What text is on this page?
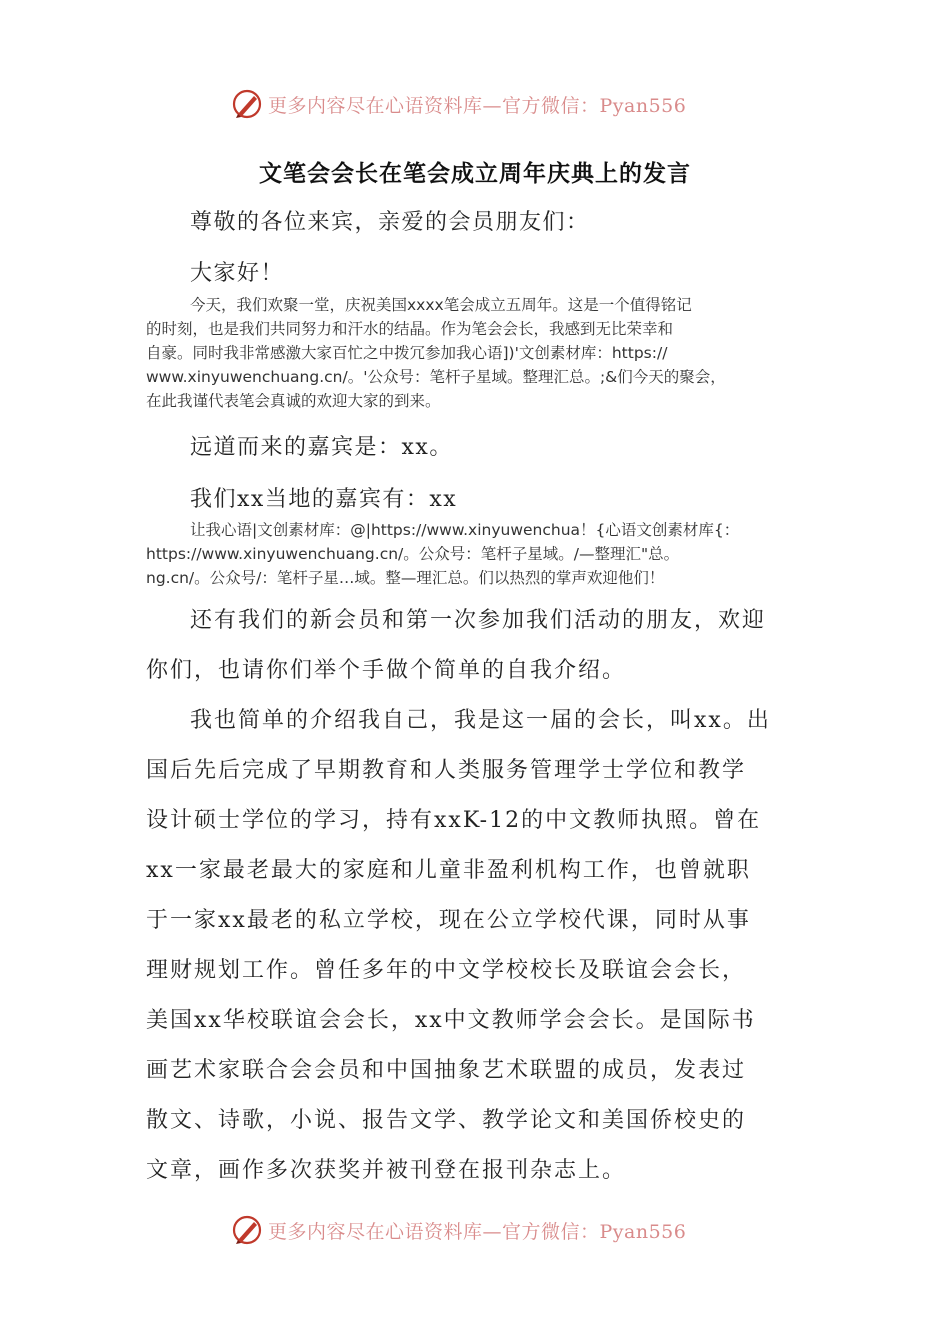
更多内容尽在心语资料库—官方微信：Pyan556
文笔会会长在笔会成立周年庆典上的发言
尊敬的各位来宾，亲爱的会员朋友们：
大家好！
今天，我们欢聚一堂，庆祝美国xxxx笔会成立五周年。这是一个值得铭记
的时刻，也是我们共同努力和汗水的结晶。作为笔会会长，我感到无比荣幸和
自豪。同时我非常感激大家百忙之中拨冗参加我心语])'文创素材库：https://
www.xinyuwenchuang.cn/。'公众号：笔杆子星域。整理汇总。;&们今天的聚会，
在此我谨代表笔会真诚的欢迎大家的到来。
远道而来的嘉宾是：xx。
我们xx当地的嘉宾有：xx
让我心语|文创素材库：@|https://www.xinyuwenchua！{心语文创素材库{：
https://www.xinyuwenchuang.cn/。公众号：笔杆子星域。/—整理汇"总。
ng.cn/。公众号/：笔杆子星…域。整—理汇总。们以热烈的掌声欢迎他们！
还有我们的新会员和第一次参加我们活动的朋友，欢迎
你们，也请你们举个手做个简单的自我介绍。
我也简单的介绍我自己，我是这一届的会长，叫xx。出
国后先后完成了早期教育和人类服务管理学士学位和教学
设计硕士学位的学习，持有xxK-12的中文教师执照。曾在
xx一家最老最大的家庭和儿童非盈利机构工作，也曾就职
于一家xx最老的私立学校，现在公立学校代课，同时从事
理财规划工作。曾任多年的中文学校校长及联谊会会长，
美国xx华校联谊会会长，xx中文教师学会会长。是国际书
画艺术家联合会会员和中国抽象艺术联盟的成员，发表过
散文、诗歌，小说、报告文学、教学论文和美国侨校史的
文章，画作多次获奖并被刊登在报刊杂志上。
更多内容尽在心语资料库—官方微信：Pyan556
